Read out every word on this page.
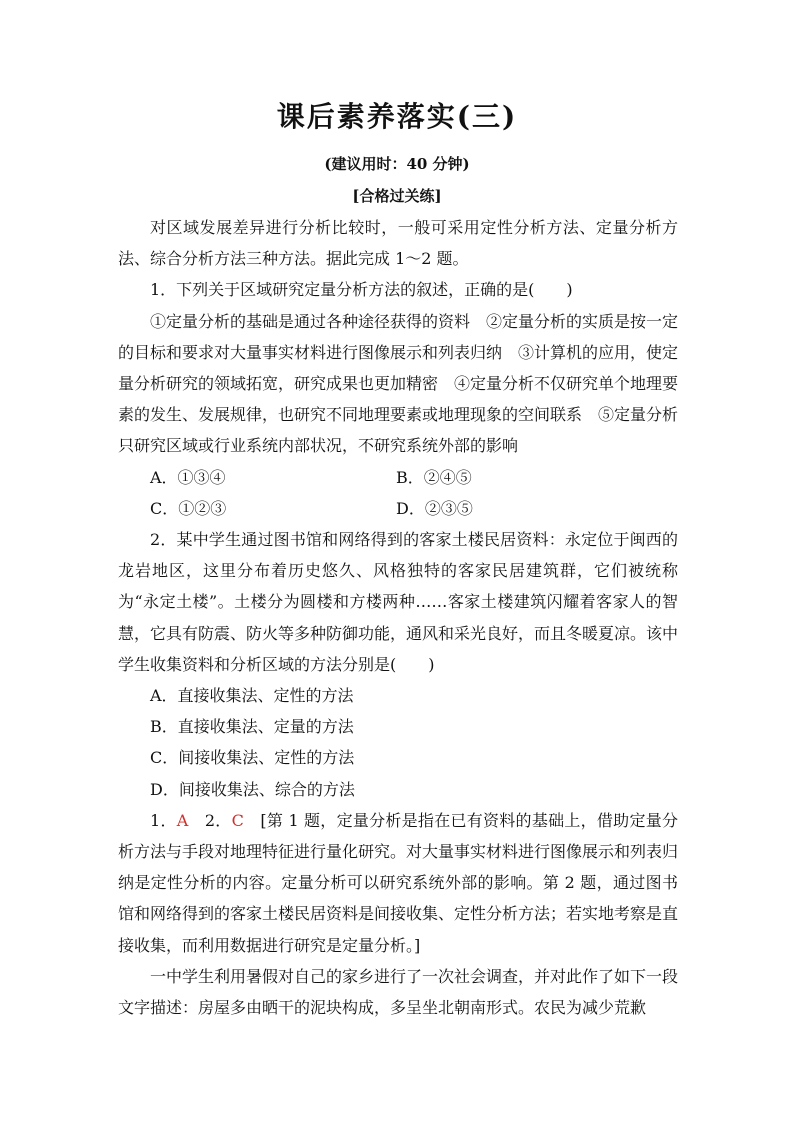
课后素养落实(三)
(建议用时：40 分钟)
[合格过关练]

对区域发展差异进行分析比较时，一般可采用定性分析方法、定量分析方法、综合分析方法三种方法。据此完成 1～2 题。

1．下列关于区域研究定量分析方法的叙述，正确的是(　　)

①定量分析的基础是通过各种途径获得的资料　②定量分析的实质是按一定的目标和要求对大量事实材料进行图像展示和列表归纳　③计算机的应用，使定量分析研究的领域拓宽，研究成果也更加精密　④定量分析不仅研究单个地理要素的发生、发展规律，也研究不同地理要素或地理现象的空间联系　⑤定量分析只研究区域或行业系统内部状况，不研究系统外部的影响

A．①③④	B．②④⑤
C．①②③	D．②③⑤

2．某中学生通过图书馆和网络得到的客家土楼民居资料：永定位于闽西的龙岩地区，这里分布着历史悠久、风格独特的客家民居建筑群，它们被统称为“永定土楼”。土楼分为圆楼和方楼两种……客家土楼建筑闪耀着客家人的智慧，它具有防震、防火等多种防御功能，通风和采光良好，而且冬暖夏凉。该中学生收集资料和分析区域的方法分别是(　　)

A．直接收集法、定性的方法
B．直接收集法、定量的方法
C．间接收集法、定性的方法
D．间接收集法、综合的方法

1．A　2．C　[第 1 题，定量分析是指在已有资料的基础上，借助定量分析方法与手段对地理特征进行量化研究。对大量事实材料进行图像展示和列表归纳是定性分析的内容。定量分析可以研究系统外部的影响。第 2 题，通过图书馆和网络得到的客家土楼民居资料是间接收集、定性分析方法；若实地考察是直接收集，而利用数据进行研究是定量分析。]

一中学生利用暑假对自己的家乡进行了一次社会调查，并对此作了如下一段文字描述：房屋多由晒干的泥块构成，多呈坐北朝南形式。农民为减少荒歉
